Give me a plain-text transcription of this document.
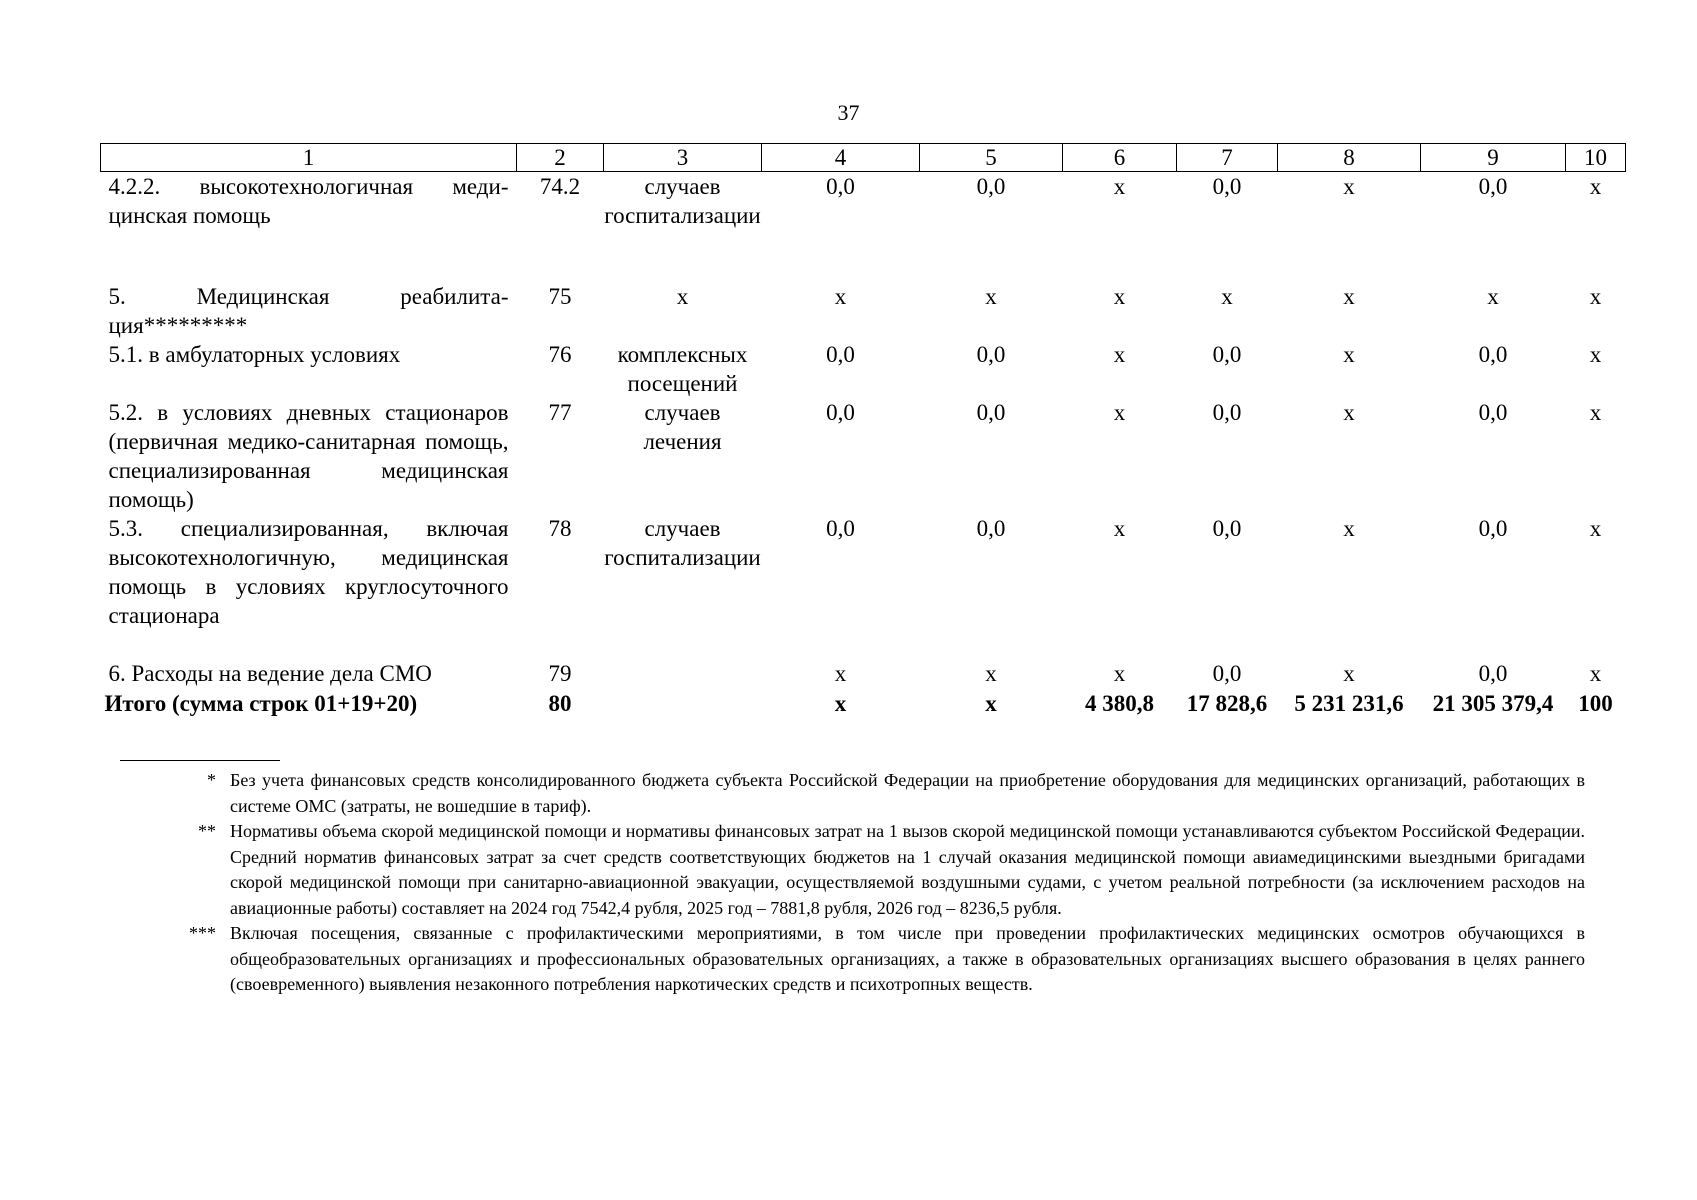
37
1	2	3	4	5	6	7	8	9	10
4.2.2. высокотехнологичная медицинская помощь	74.2	случаев госпитализации	0,0	0,0	х	0,0	х	0,0	х
5. Медицинская реабилитация*********	75	х	х	х	х	х	х	х	х
5.1. в амбулаторных условиях	76	комплексных посещений	0,0	0,0	х	0,0	х	0,0	х
5.2. в условиях дневных стационаров (первичная медико-санитарная помощь, специализированная медицинская помощь)	77	случаев лечения	0,0	0,0	х	0,0	х	0,0	х
5.3. специализированная, включая высокотехнологичную, медицинская помощь в условиях круглосуточного стационара	78	случаев госпитализации	0,0	0,0	х	0,0	х	0,0	х
6. Расходы на ведение дела СМО	79		х	х	х	0,0	х	0,0	х
Итого (сумма строк 01+19+20)	80		х	х	4 380,8	17 828,6	5 231 231,6	21 305 379,4	100
* Без учета финансовых средств консолидированного бюджета субъекта Российской Федерации на приобретение оборудования для медицинских организаций, работающих в системе ОМС (затраты, не вошедшие в тариф).
** Нормативы объема скорой медицинской помощи и нормативы финансовых затрат на 1 вызов скорой медицинской помощи устанавливаются субъектом Российской Федерации. Средний норматив финансовых затрат за счет средств соответствующих бюджетов на 1 случай оказания медицинской помощи авиамедицинскими выездными бригадами скорой медицинской помощи при санитарно-авиационной эвакуации, осуществляемой воздушными судами, с учетом реальной потребности (за исключением расходов на авиационные работы) составляет на 2024 год 7542,4 рубля, 2025 год – 7881,8 рубля, 2026 год – 8236,5 рубля.
*** Включая посещения, связанные с профилактическими мероприятиями, в том числе при проведении профилактических медицинских осмотров обучающихся в общеобразовательных организациях и профессиональных образовательных организациях, а также в образовательных организациях высшего образования в целях раннего (своевременного) выявления незаконного потребления наркотических средств и психотропных веществ.
